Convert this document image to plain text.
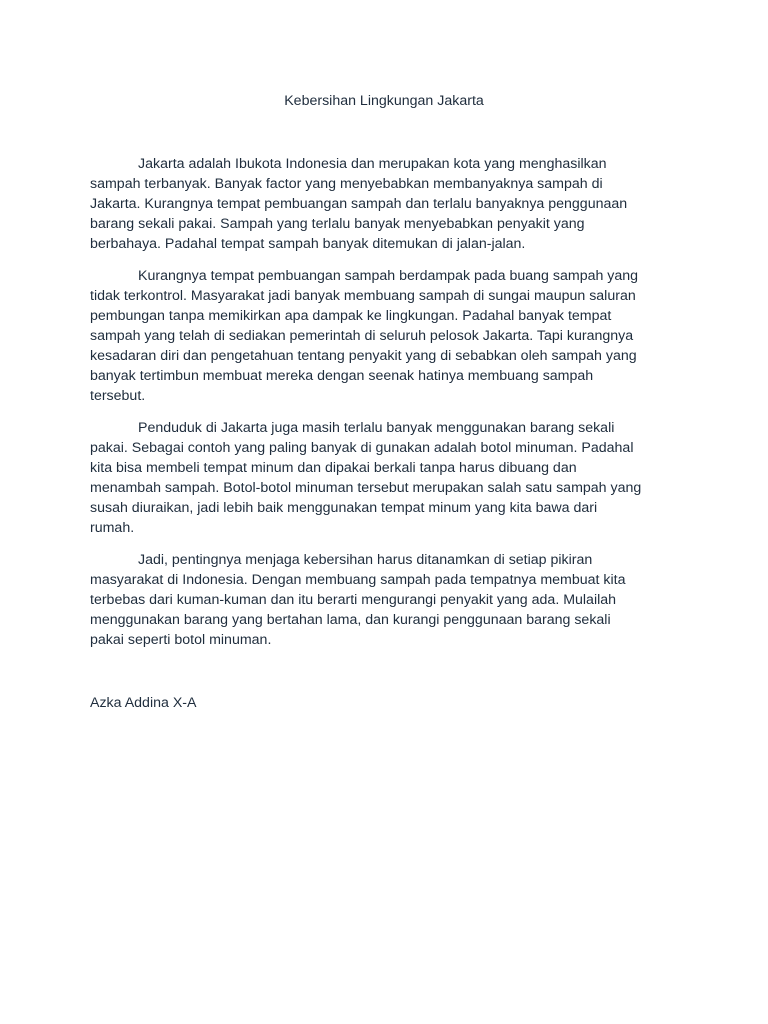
Kebersihan Lingkungan Jakarta

Jakarta adalah Ibukota Indonesia dan merupakan kota yang menghasilkan
sampah terbanyak. Banyak factor yang menyebabkan membanyaknya sampah di
Jakarta. Kurangnya tempat pembuangan sampah dan terlalu banyaknya penggunaan
barang sekali pakai. Sampah yang terlalu banyak menyebabkan penyakit yang
berbahaya. Padahal tempat sampah banyak ditemukan di jalan-jalan.

Kurangnya tempat pembuangan sampah berdampak pada buang sampah yang
tidak terkontrol. Masyarakat jadi banyak membuang sampah di sungai maupun saluran
pembungan tanpa memikirkan apa dampak ke lingkungan. Padahal banyak tempat
sampah yang telah di sediakan pemerintah di seluruh pelosok Jakarta. Tapi kurangnya
kesadaran diri dan pengetahuan tentang penyakit yang di sebabkan oleh sampah yang
banyak tertimbun membuat mereka dengan seenak hatinya membuang sampah
tersebut.

Penduduk di Jakarta juga masih terlalu banyak menggunakan barang sekali
pakai. Sebagai contoh yang paling banyak di gunakan adalah botol minuman. Padahal
kita bisa membeli tempat minum dan dipakai berkali tanpa harus dibuang dan
menambah sampah. Botol-botol minuman tersebut merupakan salah satu sampah yang
susah diuraikan, jadi lebih baik menggunakan tempat minum yang kita bawa dari
rumah.

Jadi, pentingnya menjaga kebersihan harus ditanamkan di setiap pikiran
masyarakat di Indonesia. Dengan membuang sampah pada tempatnya membuat kita
terbebas dari kuman-kuman dan itu berarti mengurangi penyakit yang ada. Mulailah
menggunakan barang yang bertahan lama, dan kurangi penggunaan barang sekali
pakai seperti botol minuman.

Azka Addina X-A
